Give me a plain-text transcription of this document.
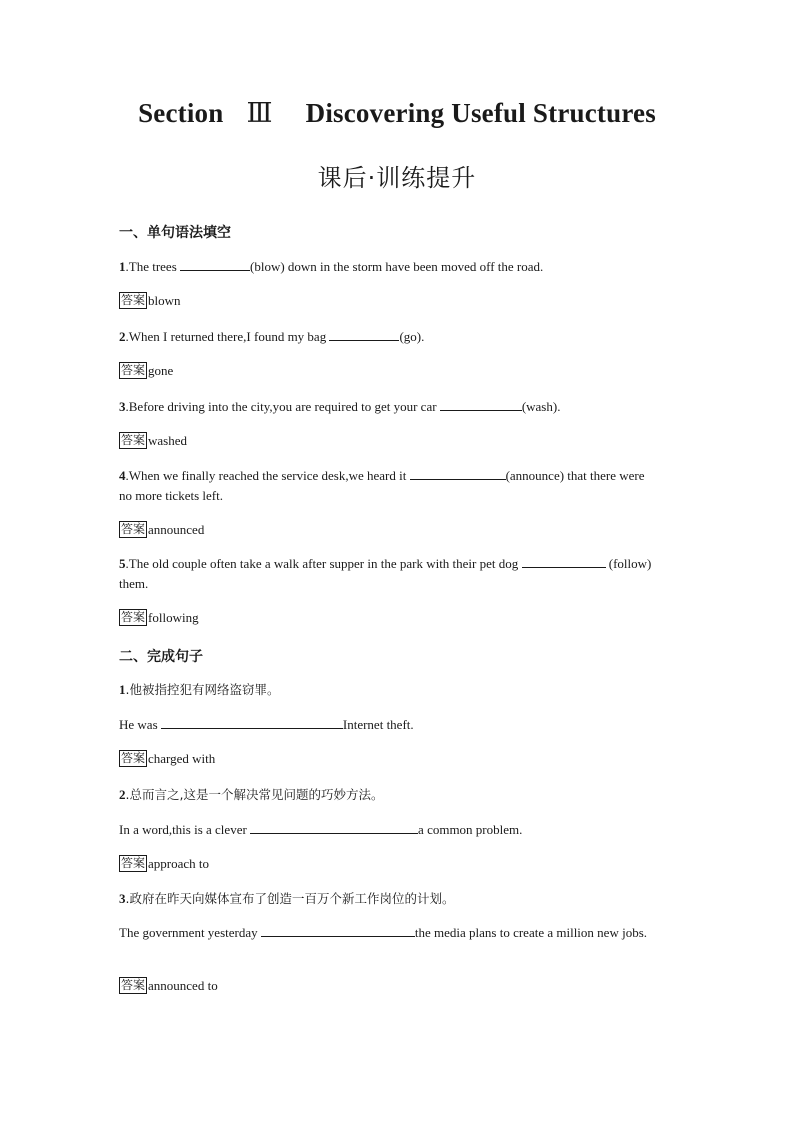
Section Ⅲ Discovering Useful Structures
课后·训练提升
一、单句语法填空
1.The trees	(blow) down in the storm have been moved off the road.
答案 blown
2.When I returned there,I found my bag	(go).
答案 gone
3.Before driving into the city,you are required to get your car	(wash).
答案 washed
4.When we finally reached the service desk,we heard it	(announce) that there were no more tickets left.
答案 announced
5.The old couple often take a walk after supper in the park with their pet dog	(follow) them.
答案 following
二、完成句子
1.他被指控犯有网络盗窃罪。
He was	Internet theft.
答案 charged with
2.总而言之,这是一个解决常见问题的巧妙方法。
In a word,this is a clever	a common problem.
答案 approach to
3.政府在昨天向媒体宣布了创造一百万个新工作岗位的计划。
The government yesterday	the media plans to create a million new jobs.
答案 announced to
